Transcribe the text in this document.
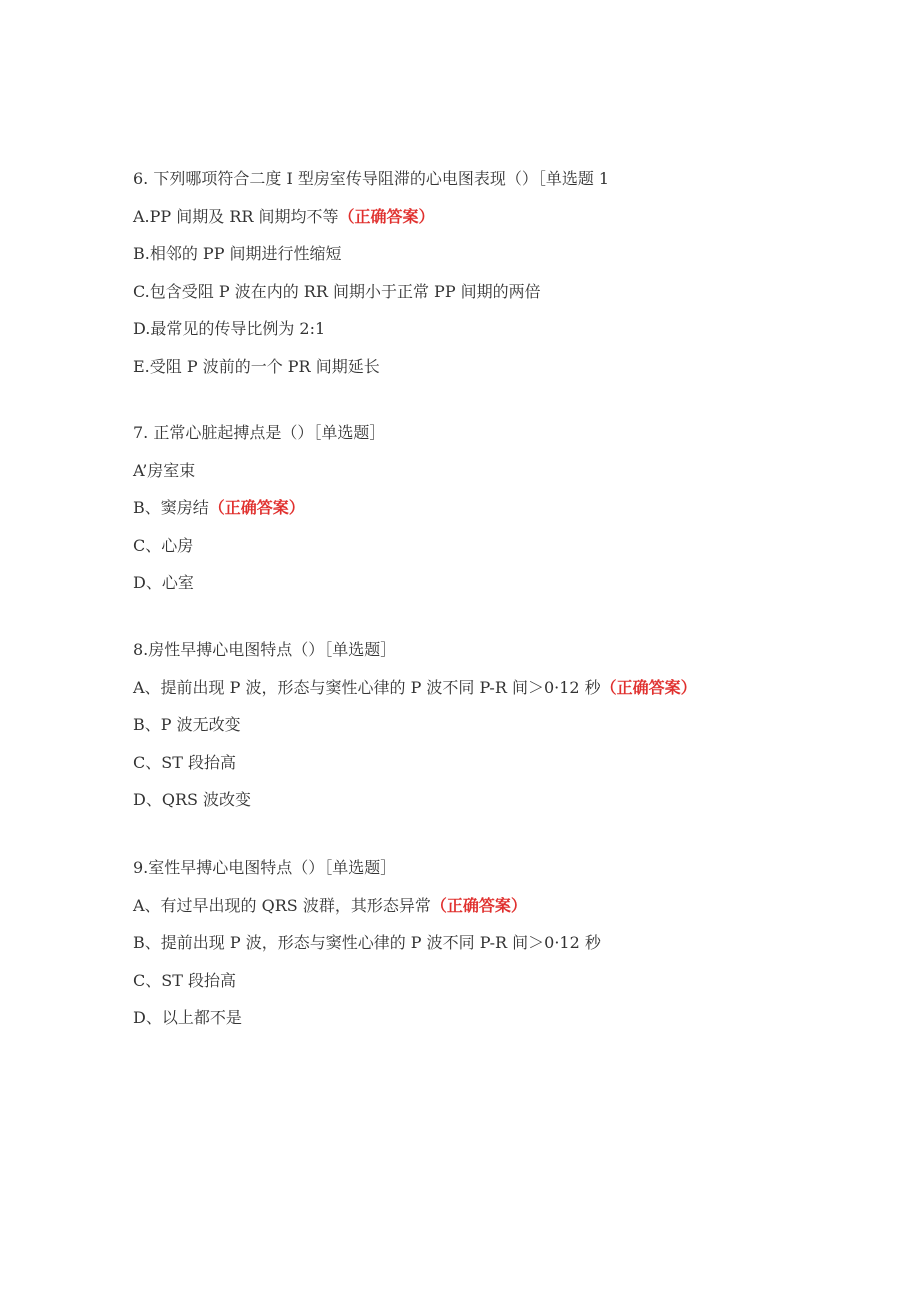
6. 下列哪项符合二度 I 型房室传导阻滞的心电图表现（）［单选题 1
A.PP 间期及 RR 间期均不等（正确答案）
B.相邻的 PP 间期进行性缩短
C.包含受阻 P 波在内的 RR 间期小于正常 PP 间期的两倍
D.最常见的传导比例为 2:1
E.受阻 P 波前的一个 PR 间期延长
7. 正常心脏起搏点是（）［单选题］
A’房室束
B、窦房结（正确答案）
C、心房
D、心室
8.房性早搏心电图特点（）［单选题］
A、提前出现 P 波，形态与窦性心律的 P 波不同 P-R 间＞0·12 秒（正确答案）
B、P 波无改变
C、ST 段抬高
D、QRS 波改变
9.室性早搏心电图特点（）［单选题］
A、有过早出现的 QRS 波群，其形态异常（正确答案）
B、提前出现 P 波，形态与窦性心律的 P 波不同 P-R 间＞0·12 秒
C、ST 段抬高
D、以上都不是
